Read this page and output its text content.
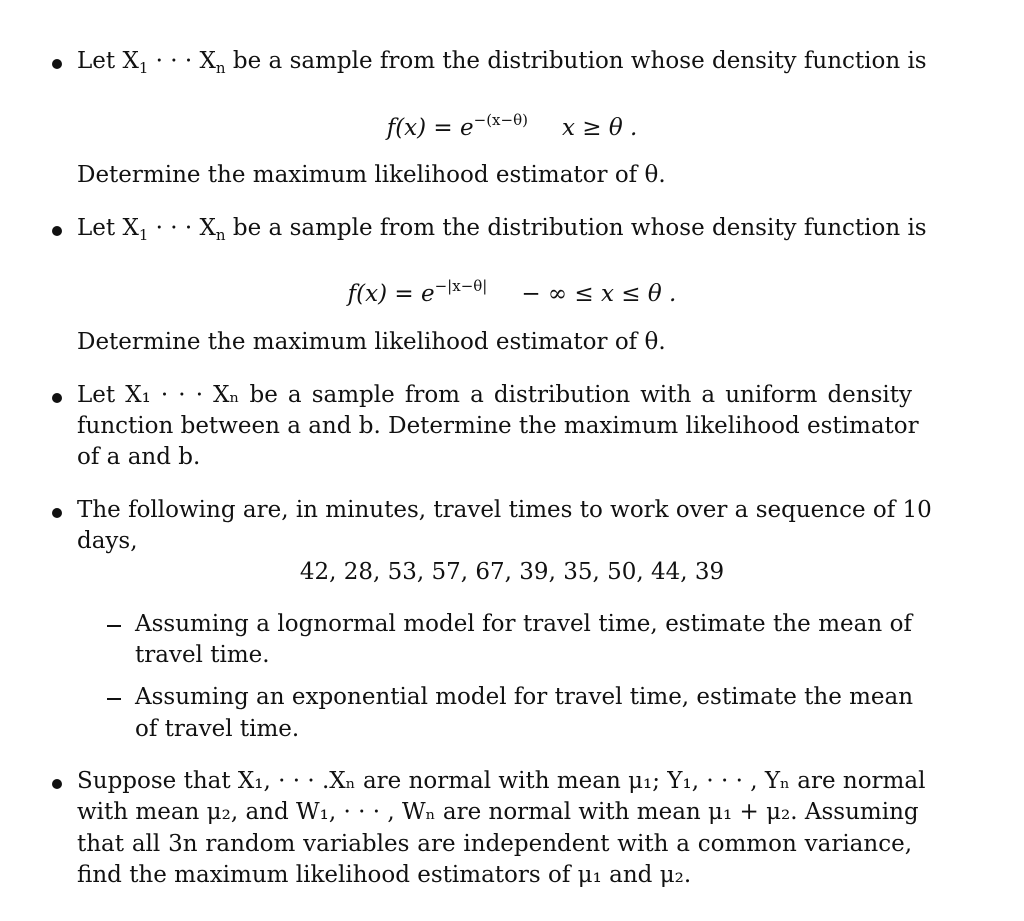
Let $X_1$ · · · $X_n$ be a sample from the distribution whose density function is
$f(x) = e^{-(x-\theta)}$ x ≥ θ .
Determine the maximum likelihood estimator of θ.
Let $X_1$ · · · $X_n$ be a sample from the distribution whose density function is
$f(x) = e^{-|x-\theta|}$ − ∞ ≤ x ≤ θ .
Determine the maximum likelihood estimator of θ.
Let X₁ · · · Xₙ be a sample from a distribution with a uniform density
function between a and b. Determine the maximum likelihood estimator
of a and b.
The following are, in minutes, travel times to work over a sequence of 10
days,
42, 28, 53, 57, 67, 39, 35, 50, 44, 39
Assuming a lognormal model for travel time, estimate the mean of
travel time.
Assuming an exponential model for travel time, estimate the mean
of travel time.
Suppose that X₁, · · · .Xₙ are normal with mean μ₁; Y₁, · · · , Yₙ are normal
with mean μ₂, and W₁, · · · , Wₙ are normal with mean μ₁ + μ₂. Assuming
that all 3n random variables are independent with a common variance,
find the maximum likelihood estimators of μ₁ and μ₂.
